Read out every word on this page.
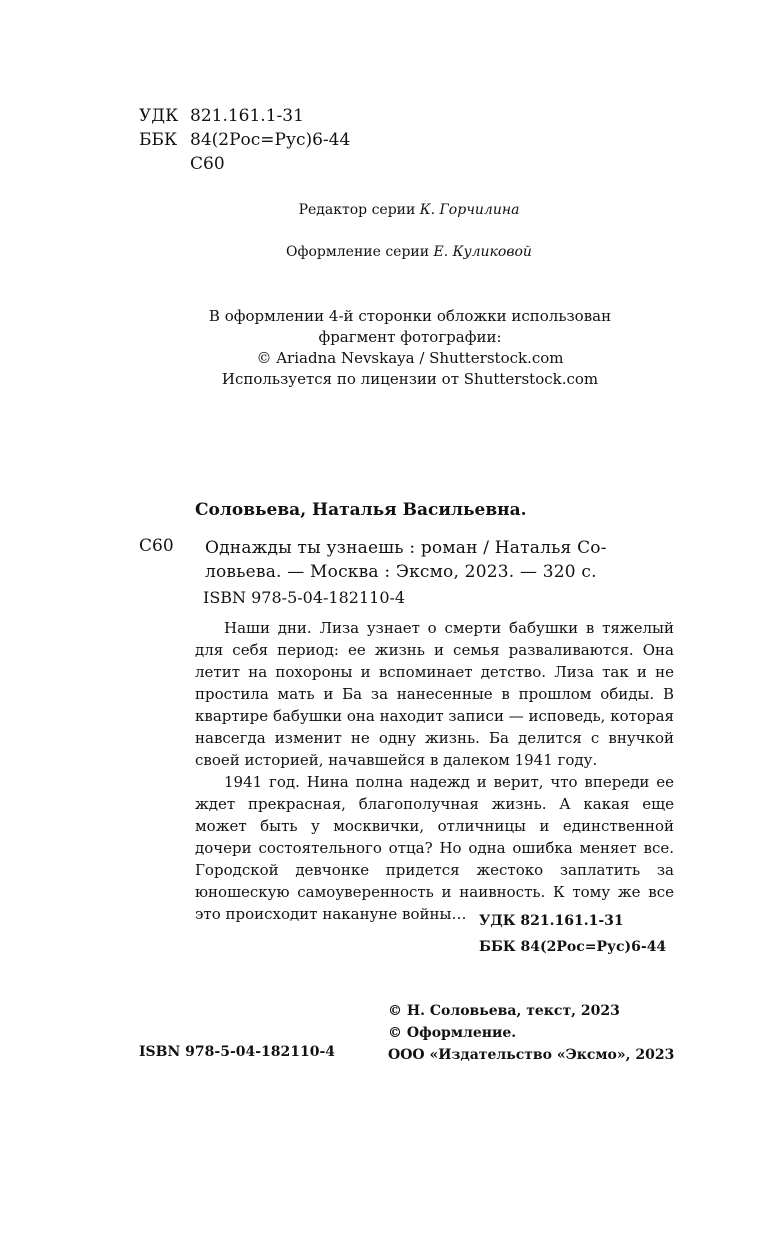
УДК 821.161.1-31
ББК 84(2Рос=Рус)6-44
С60
Редактор серии К. Горчилина
Оформление серии Е. Куликовой
В оформлении 4-й сторонки обложки использован
фрагмент фотографии:
© Ariadna Nevskaya / Shutterstock.com
Используется по лицензии от Shutterstock.com
Соловьева, Наталья Васильевна.
С60 Однажды ты узнаешь : роман / Наталья Со-
ловьева. — Москва : Эксмо, 2023. — 320 с.
ISBN 978-5-04-182110-4

Наши дни. Лиза узнает о смерти бабушки в тяжелый для себя период: ее жизнь и семья разваливаются. Она летит на похороны и вспоминает детство. Лиза так и не простила мать и Ба за нанесенные в прошлом обиды. В квартире бабушки она находит записи — исповедь, которая навсегда изменит не одну жизнь. Ба делится с внучкой своей историей, начавшейся в далеком 1941 году.

1941 год. Нина полна надежд и верит, что впереди ее ждет прекрасная, благополучная жизнь. А какая еще может быть у москвички, отличницы и единственной дочери состоятельного отца? Но одна ошибка меняет все. Городской девчонке придется жестоко заплатить за юношескую самоуверенность и наивность. К тому же все это происходит накануне войны… УДК 821.161.1-31
ББК 84(2Рос=Рус)6-44
© Н. Соловьева, текст, 2023
© Оформление.
ООО «Издательство «Эксмо», 2023
ISBN 978-5-04-182110-4
